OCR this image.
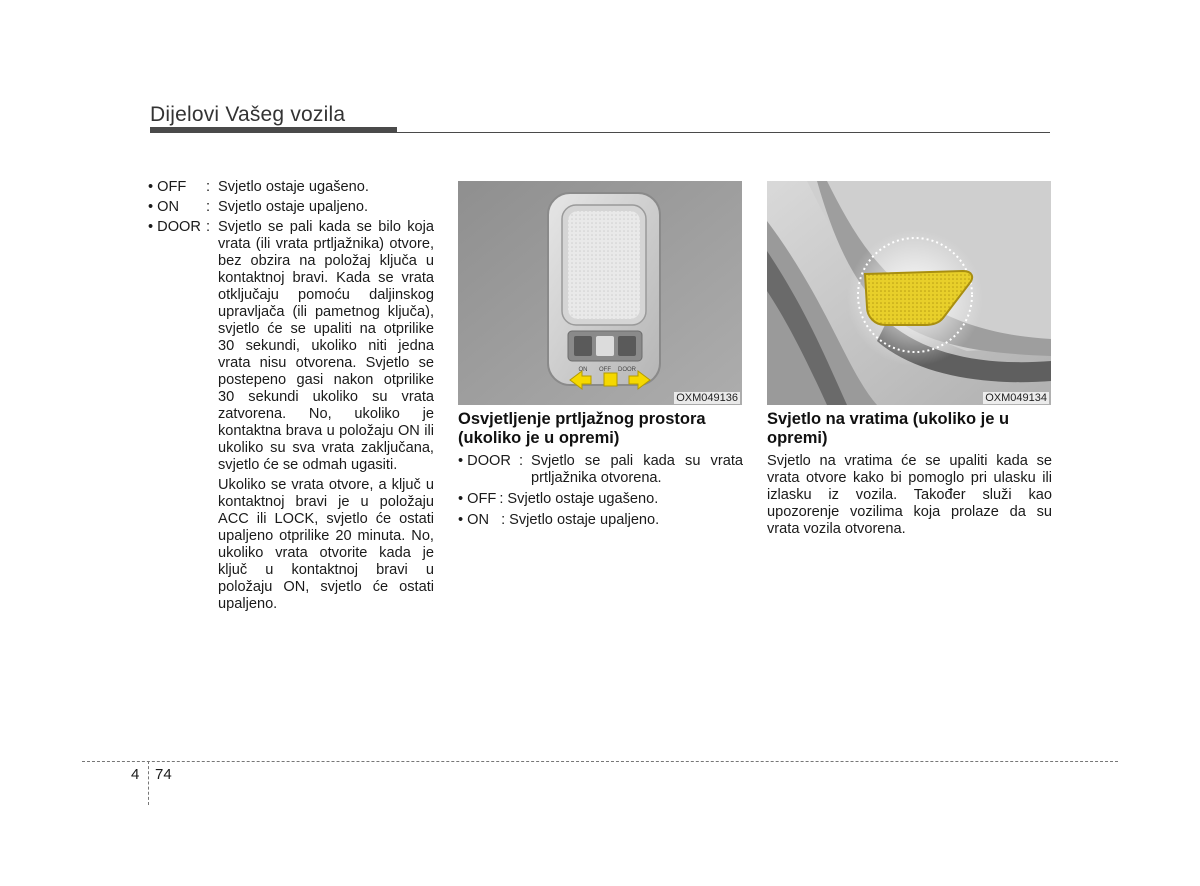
Dijelovi Vašeg vozila
• OFF	: Svjetlo ostaje ugašeno.
• ON	: Svjetlo ostaje upaljeno.
• DOOR : Svjetlo se pali kada se bilo koja vrata (ili vrata prtljažnika) otvore, bez obzira na položaj ključa u kontaktnoj bravi. Kada se vrata otključaju pomoću daljinskog upravljača (ili pametnog ključa), svjetlo će se upaliti na otprilike 30 sekundi, ukoliko niti jedna vrata nisu otvorena. Svjetlo se postepeno gasi nakon otprilike 30 sekundi ukoliko su vrata zatvorena. No, ukoliko je kontaktna brava u položaju ON ili ukoliko su sva vrata zaključana, svjetlo će se odmah ugasiti.
Ukoliko se vrata otvore, a ključ u kontaktnoj bravi je u položaju ACC ili LOCK, svjetlo će ostati upaljeno otprilike 20 minuta. No, ukoliko vrata otvorite kada je ključ u kontaktnoj bravi u položaju ON, svjetlo će ostati upaljeno.
ON OFF DOOR
OXM049136	OXM049134
Osvjetljenje prtljažnog prostora (ukoliko je u opremi)
• DOOR : Svjetlo se pali kada su vrata prtljažnika otvorena.
• OFF : Svjetlo ostaje ugašeno.
• ON : Svjetlo ostaje upaljeno.
Svjetlo na vratima (ukoliko je u opremi)
Svjetlo na vratima će se upaliti kada se vrata otvore kako bi pomoglo pri ulasku ili izlasku iz vozila. Također služi kao upozorenje vozilima koja prolaze da su vrata vozila otvorena.
4 74
